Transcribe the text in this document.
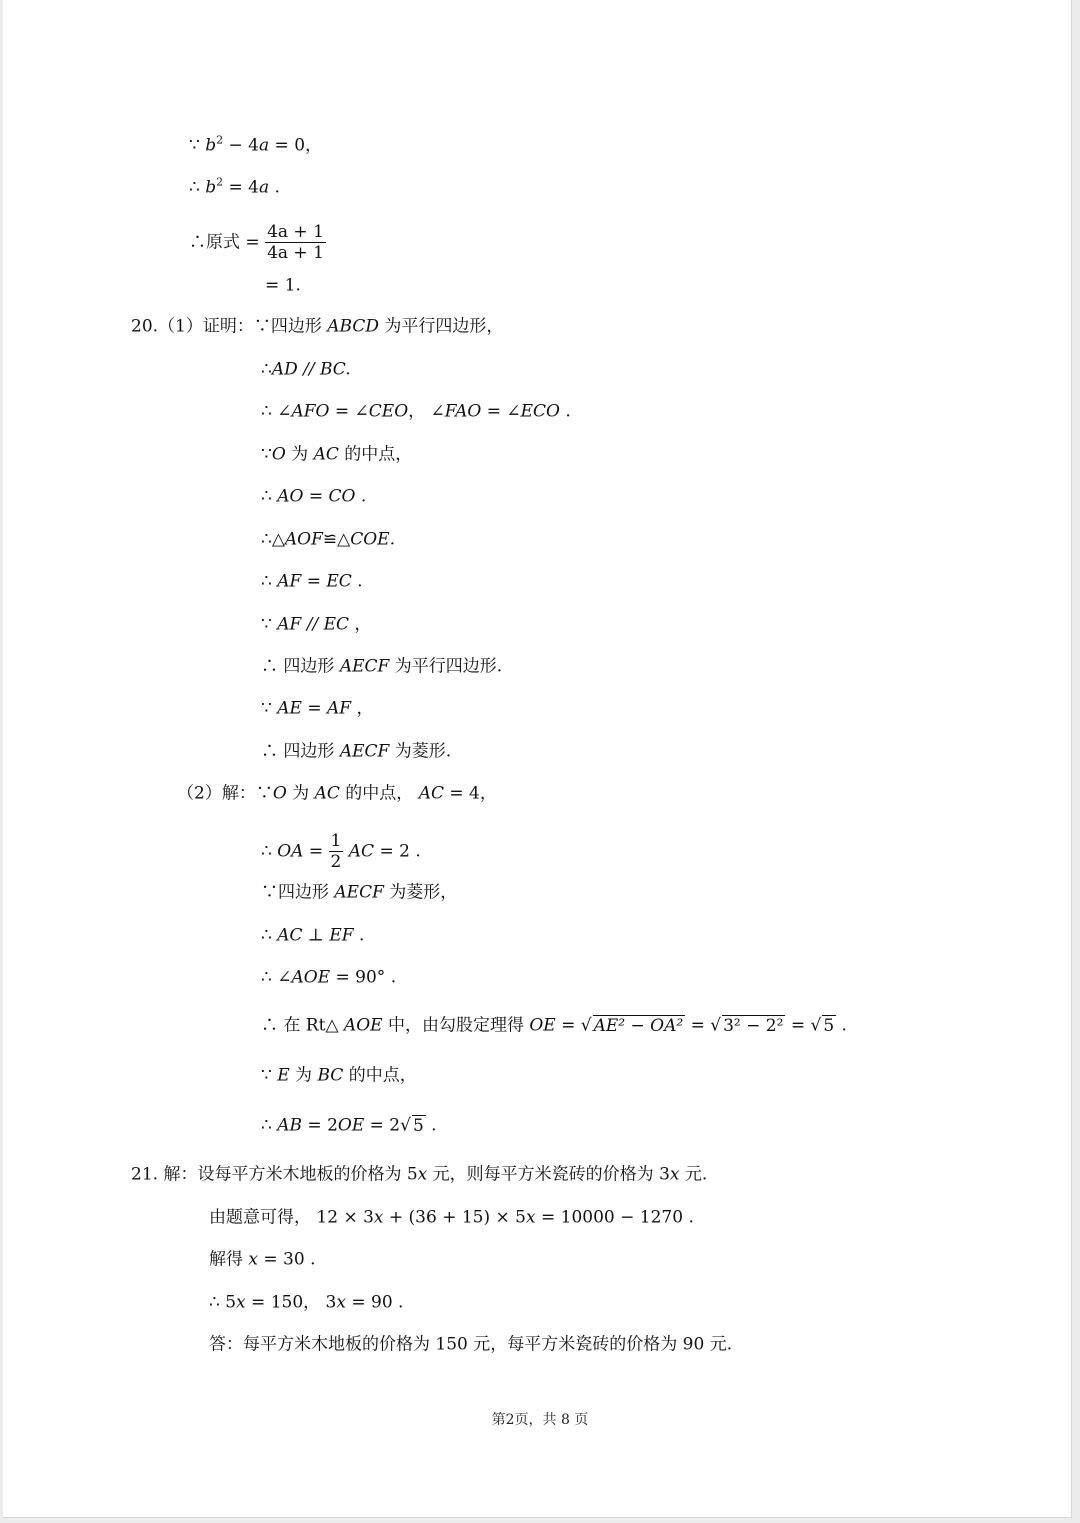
∵ $b^2 - 4a = 0$，
∴ $b^2 = 4a$ .
∴原式 = $\frac{4a + 1}{4a + 1}$
= 1.
20.（1）证明：∵四边形 ABCD 为平行四边形，
∴AD // BC.
∴ ∠AFO = ∠CEO， ∠FAO = ∠ECO .
∵O 为 AC 的中点，
∴ AO = CO .
∴△AOF≌△COE.
∴ AF = EC .
∵ AF // EC ，
∴ 四边形 AECF 为平行四边形.
∵ AE = AF ，
∴ 四边形 AECF 为菱形.
（2）解：∵O 为 AC 的中点， AC = 4，
∴ OA = $\frac{1}{2}$ AC = 2 .
∵四边形 AECF 为菱形，
∴ AC ⊥ EF .
∴ ∠AOE = 90° .
∴ 在 Rt△ AOE 中，由勾股定理得 OE = √ AE² − OA² = √ 3² − 2² = √ 5 .
∵ E 为 BC 的中点，
∴ AB = 2OE = 2√ 5 .
21. 解：设每平方米木地板的价格为 5x 元，则每平方米瓷砖的价格为 3x 元.
由题意可得， 12 × 3x + (36 + 15) × 5x = 10000 − 1270 .
解得 x = 30 .
∴ 5x = 150， 3x = 90 .
答：每平方米木地板的价格为 150 元，每平方米瓷砖的价格为 90 元.
第2页，共 8 页
